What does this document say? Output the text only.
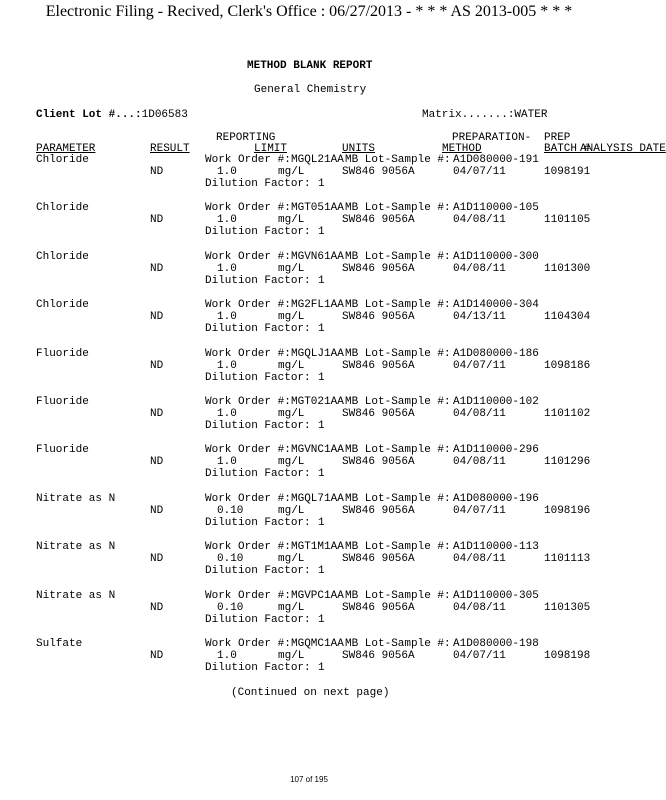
Electronic Filing - Recived, Clerk's Office : 06/27/2013 - * * * AS 2013-005 * * *
METHOD BLANK REPORT
General Chemistry
Client Lot #...:1D06583	Matrix.......:WATER
REPORTING	PREPARATION- PREP
PARAMETER	RESULT	LIMIT	UNITS	METHOD	BATCH #
ANALYSIS DATE
Chloride	Work Order #: MGQL21AA MB Lot-Sample #: A1D080000-191
ND	1.0	mg/L	SW846 9056A	04/07/11	1098191
Dilution Factor: 1
Chloride	Work Order #: MGT051AA MB Lot-Sample #: A1D110000-105
ND	1.0	mg/L	SW846 9056A	04/08/11	1101105
Dilution Factor: 1
Chloride	Work Order #: MGVN61AA MB Lot-Sample #: A1D110000-300
ND	1.0	mg/L	SW846 9056A	04/08/11	1101300
Dilution Factor: 1
Chloride	Work Order #: MG2FL1AA MB Lot-Sample #: A1D140000-304
ND	1.0	mg/L	SW846 9056A	04/13/11	1104304
Dilution Factor: 1
Fluoride	Work Order #: MGQLJ1AA MB Lot-Sample #: A1D080000-186
ND	1.0	mg/L	SW846 9056A	04/07/11	1098186
Dilution Factor: 1
Fluoride	Work Order #: MGT021AA MB Lot-Sample #: A1D110000-102
ND	1.0	mg/L	SW846 9056A	04/08/11	1101102
Dilution Factor: 1
Fluoride	Work Order #: MGVNC1AA MB Lot-Sample #: A1D110000-296
ND	1.0	mg/L	SW846 9056A	04/08/11	1101296
Dilution Factor: 1
Nitrate as N	Work Order #: MGQL71AA MB Lot-Sample #: A1D080000-196
ND	0.10	mg/L	SW846 9056A	04/07/11	1098196
Dilution Factor: 1
Nitrate as N	Work Order #: MGT1M1AA MB Lot-Sample #: A1D110000-113
ND	0.10	mg/L	SW846 9056A	04/08/11	1101113
Dilution Factor: 1
Nitrate as N	Work Order #: MGVPC1AA MB Lot-Sample #: A1D110000-305
ND	0.10	mg/L	SW846 9056A	04/08/11	1101305
Dilution Factor: 1
Sulfate	Work Order #: MGQMC1AA MB Lot-Sample #: A1D080000-198
ND	1.0	mg/L	SW846 9056A	04/07/11	1098198
Dilution Factor: 1
(Continued on next page)
107 of 195
